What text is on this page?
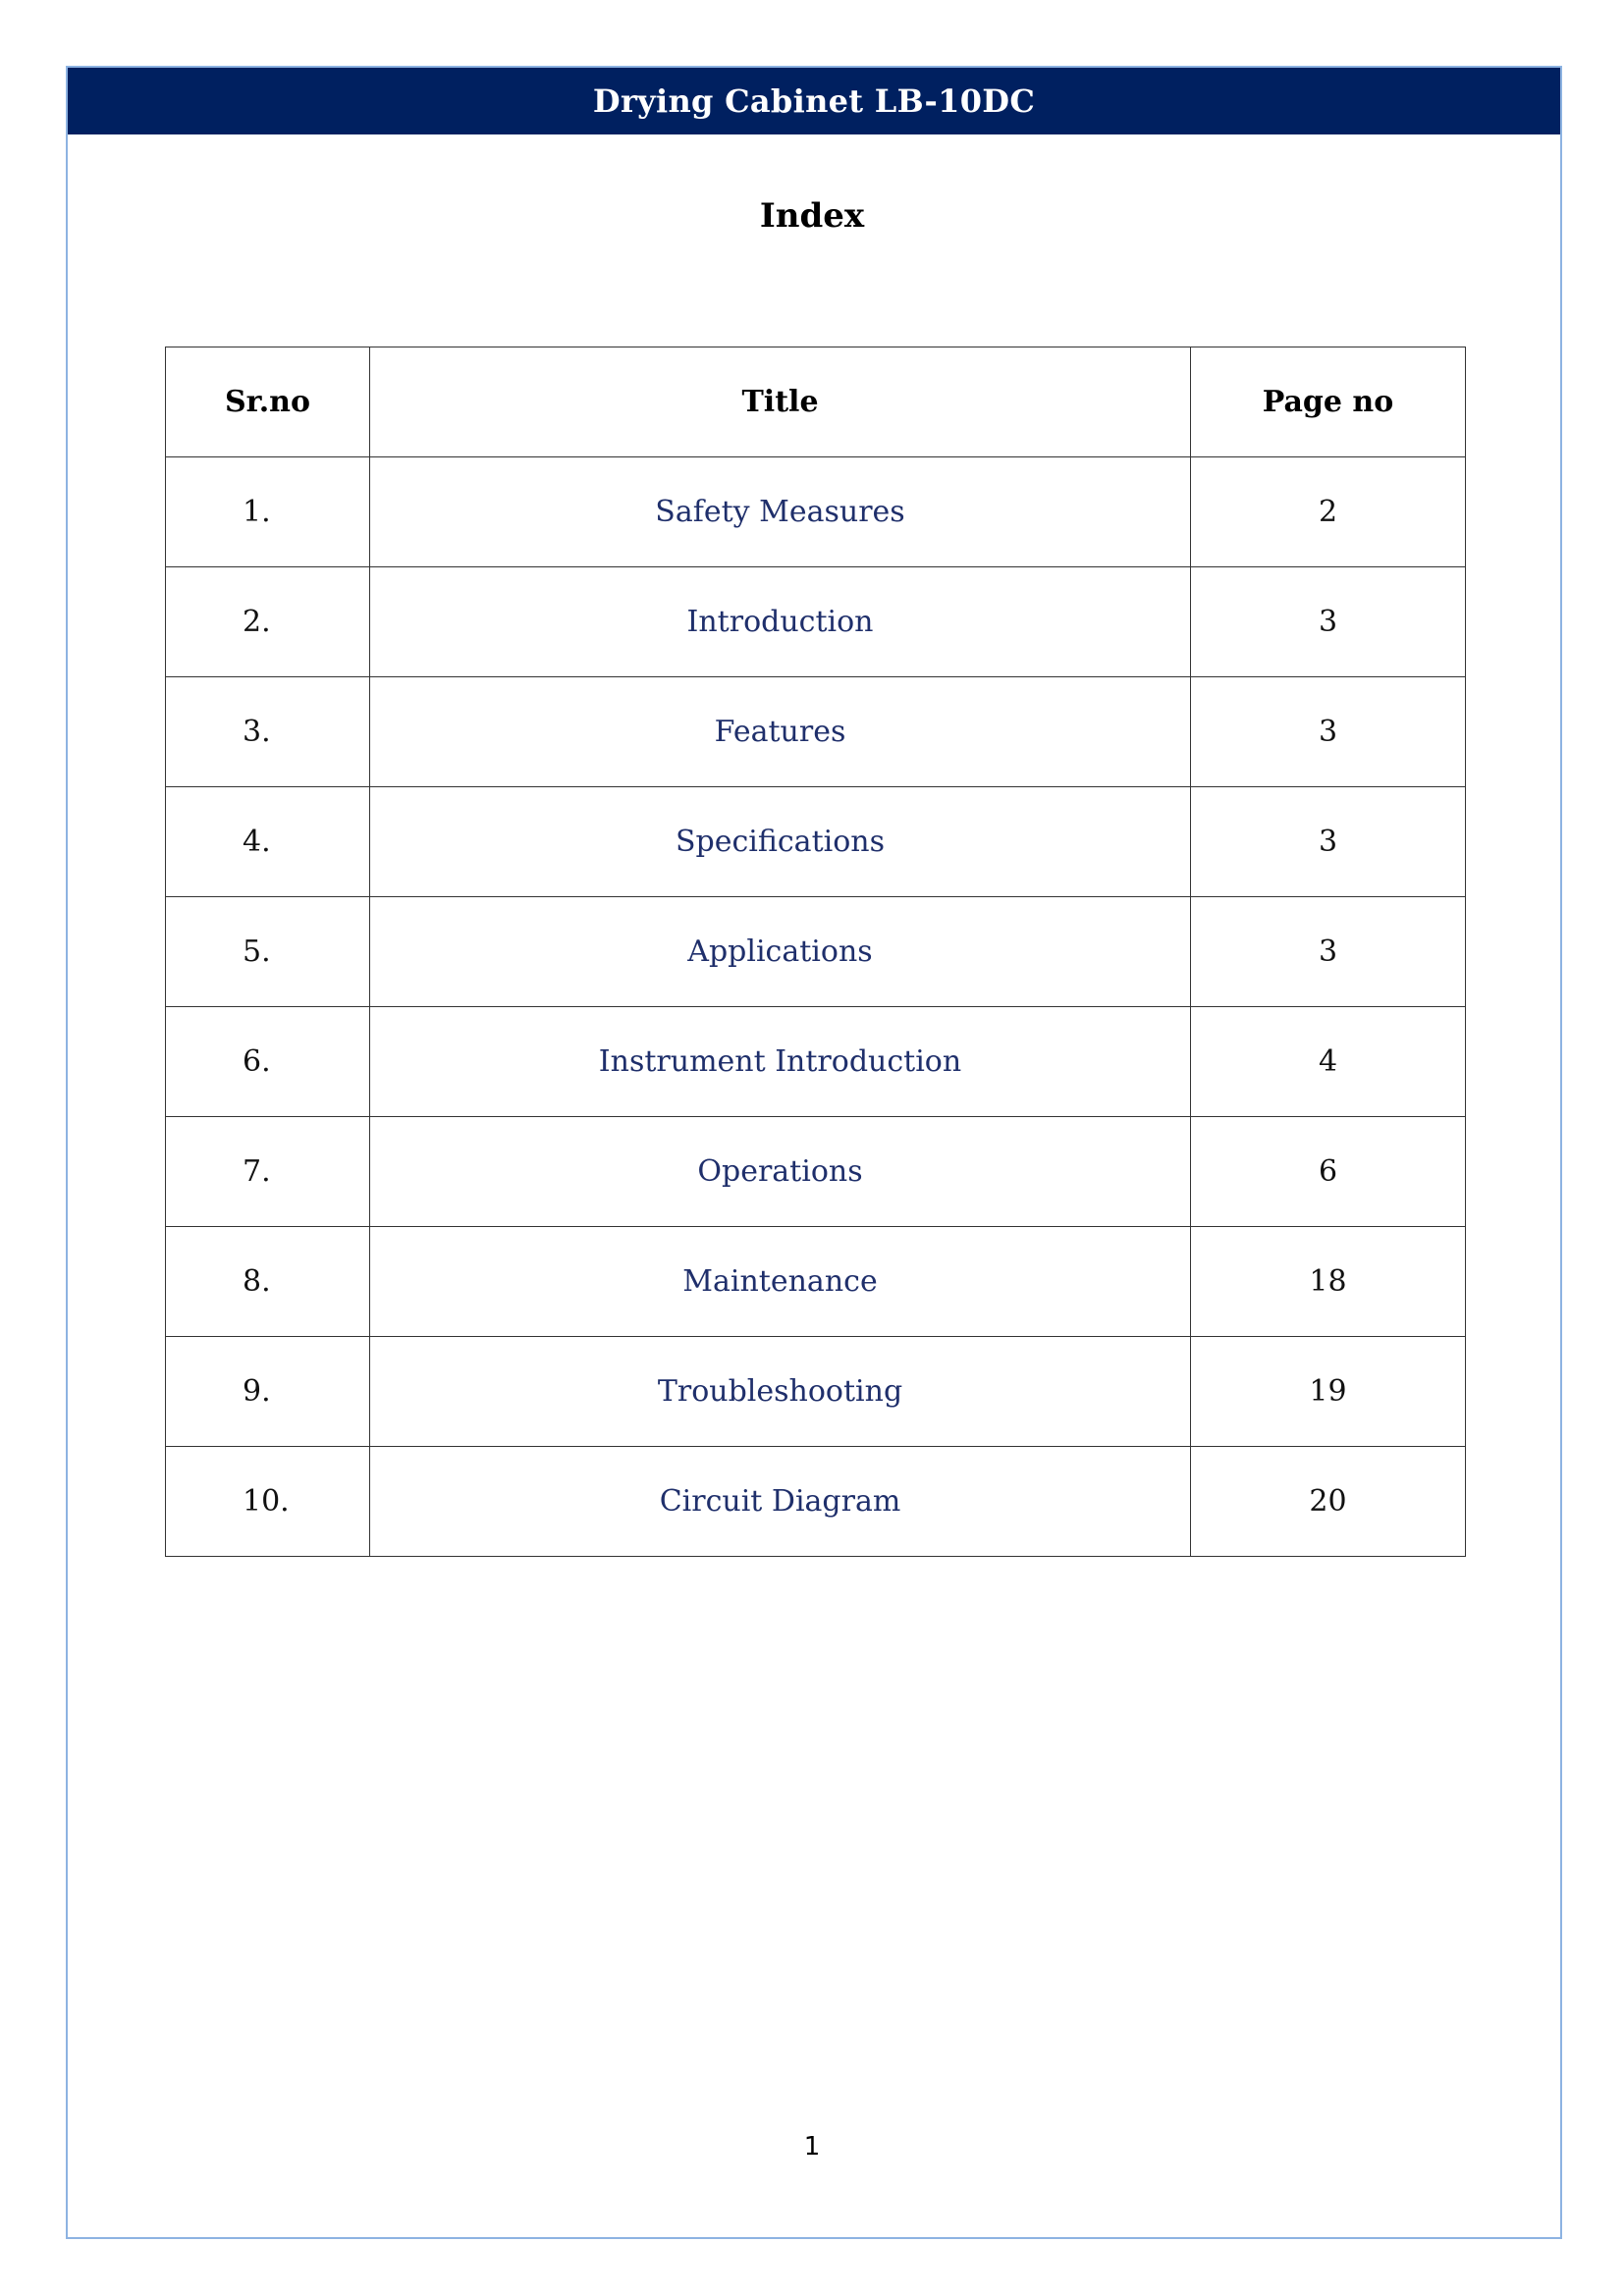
Drying Cabinet LB-10DC
Index
Sr.no	Title	Page no
1.	Safety Measures	2
2.	Introduction	3
3.	Features	3
4.	Specifications	3
5.	Applications	3
6.	Instrument Introduction	4
7.	Operations	6
8.	Maintenance	18
9.	Troubleshooting	19
10.	Circuit Diagram	20
1
